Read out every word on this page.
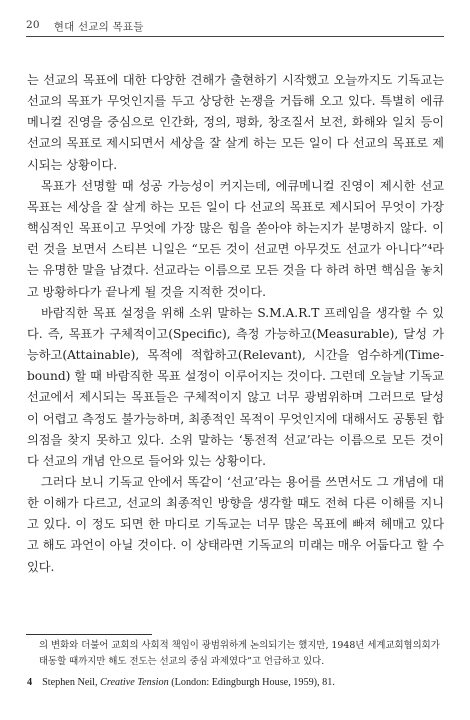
20 현대 선교의 목표들

는 선교의 목표에 대한 다양한 견해가 출현하기 시작했고 오늘까지도 기독교는 선교의 목표가 무엇인지를 두고 상당한 논쟁을 거듭해 오고 있다. 특별히 에큐메니컬 진영을 중심으로 인간화, 정의, 평화, 창조질서 보전, 화해와 일치 등이 선교의 목표로 제시되면서 세상을 잘 살게 하는 모든 일이 다 선교의 목표로 제시되는 상황이다.

목표가 선명할 때 성공 가능성이 커지는데, 에큐메니컬 진영이 제시한 선교 목표는 세상을 잘 살게 하는 모든 일이 다 선교의 목표로 제시되어 무엇이 가장 핵심적인 목표이고 무엇에 가장 많은 힘을 쏟아야 하는지가 분명하지 않다. 이런 것을 보면서 스티븐 니일은 “모든 것이 선교면 아무것도 선교가 아니다”⁴라는 유명한 말을 남겼다. 선교라는 이름으로 모든 것을 다 하려 하면 핵심을 놓치고 방황하다가 끝나게 될 것을 지적한 것이다.

바람직한 목표 설정을 위해 소위 말하는 S.M.A.R.T 프레임을 생각할 수 있다. 즉, 목표가 구체적이고(Specific), 측정 가능하고(Measurable), 달성 가능하고(Attainable), 목적에 적합하고(Relevant), 시간을 엄수하게(Time-bound) 할 때 바람직한 목표 설정이 이루어지는 것이다. 그런데 오늘날 기독교 선교에서 제시되는 목표들은 구체적이지 않고 너무 광범위하며 그러므로 달성이 어렵고 측정도 불가능하며, 최종적인 목적이 무엇인지에 대해서도 공통된 합의점을 찾지 못하고 있다. 소위 말하는 ‘통전적 선교’라는 이름으로 모든 것이 다 선교의 개념 안으로 들어와 있는 상황이다.

그러다 보니 기독교 안에서 똑같이 ‘선교’라는 용어를 쓰면서도 그 개념에 대한 이해가 다르고, 선교의 최종적인 방향을 생각할 때도 전혀 다른 이해를 지니고 있다. 이 정도 되면 한 마디로 기독교는 너무 많은 목표에 빠져 헤매고 있다고 해도 과언이 아닐 것이다. 이 상태라면 기독교의 미래는 매우 어둡다고 할 수 있다.

의 변화와 더불어 교회의 사회적 책임이 광범위하게 논의되기는 했지만, 1948년 세계교회협의회가 태동할 때까지만 해도 전도는 선교의 중심 과제였다”고 언급하고 있다.
4 Stephen Neil, Creative Tension (London: Edingburgh House, 1959), 81.
